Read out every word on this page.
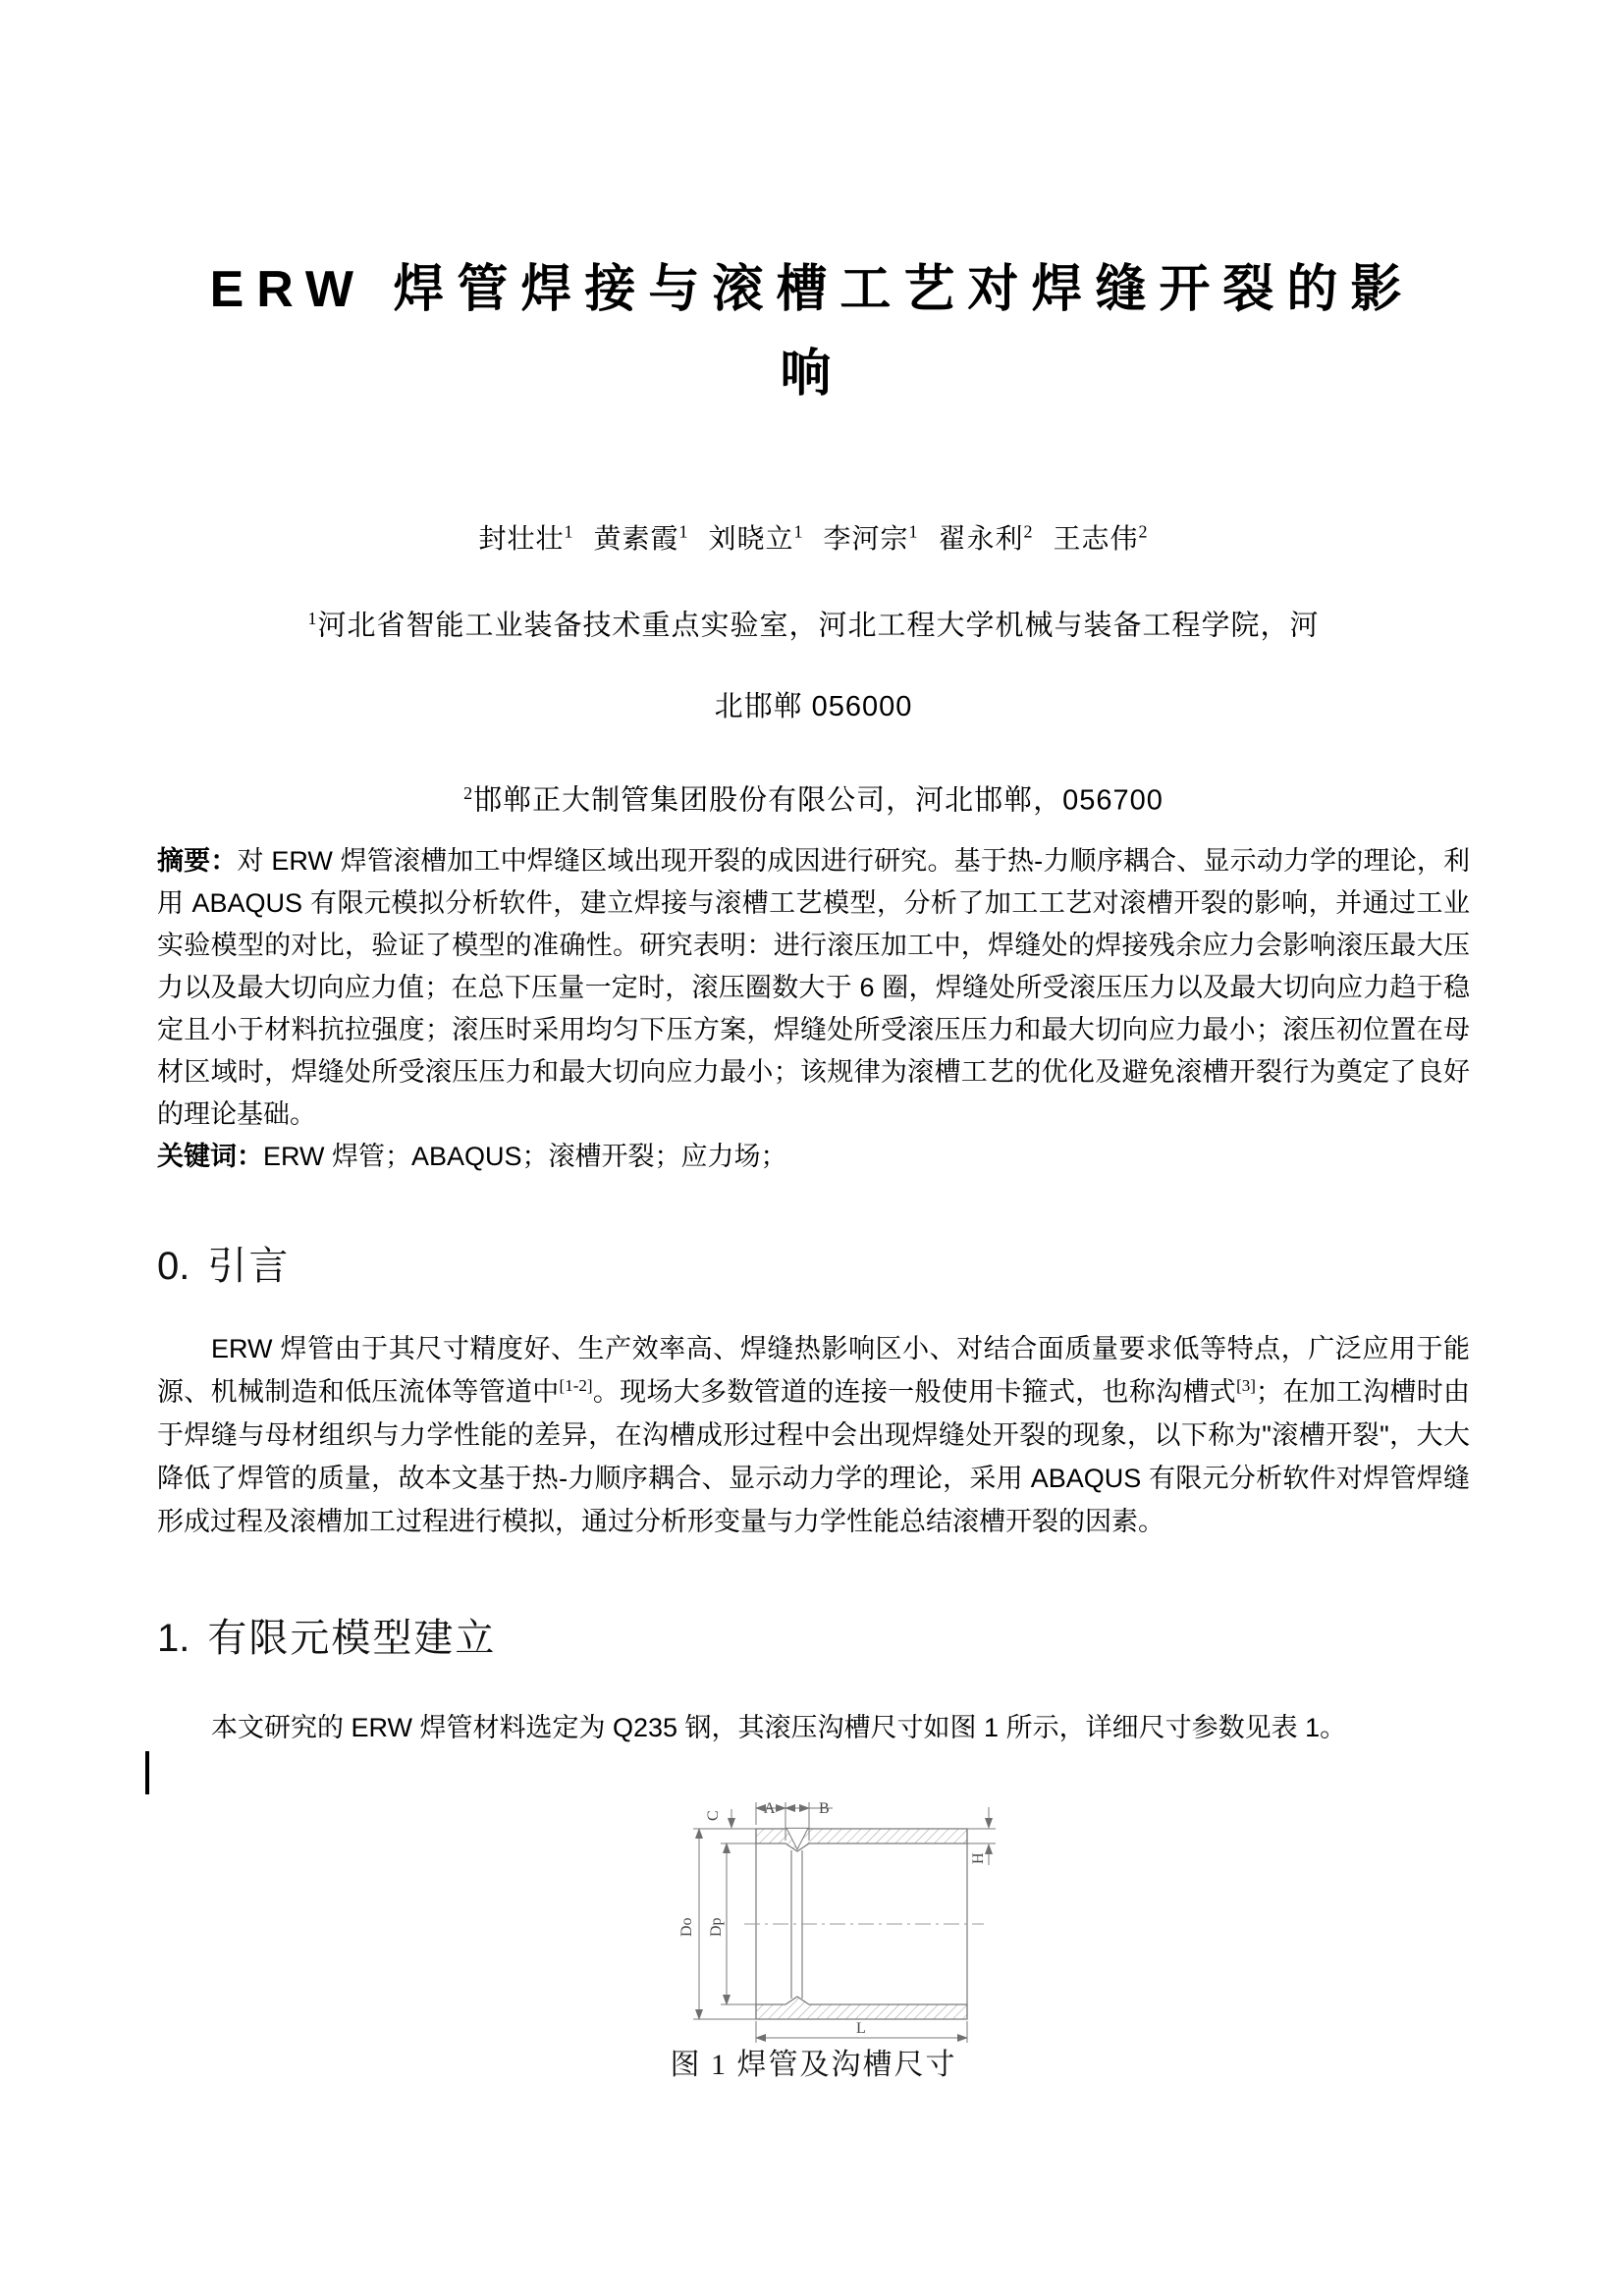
ERW 焊管焊接与滚槽工艺对焊缝开裂的影
响
封壮壮$^1$ 黄素霞$^1$ 刘晓立$^1$ 李河宗$^1$ 翟永利$^2$ 王志伟$^2$
$^1$河北省智能工业装备技术重点实验室，河北工程大学机械与装备工程学院，河
北邯郸 056000
$^2$邯郸正大制管集团股份有限公司，河北邯郸，056700

摘要：对 ERW 焊管滚槽加工中焊缝区域出现开裂的成因进行研究。基于热-力顺序耦合、显示动力学的理论，利用 ABAQUS 有限元模拟分析软件，建立焊接与滚槽工艺模型，分析了加工工艺对滚槽开裂的影响，并通过工业实验模型的对比，验证了模型的准确性。研究表明：进行滚压加工中，焊缝处的焊接残余应力会影响滚压最大压力以及最大切向应力值；在总下压量一定时，滚压圈数大于 6 圈，焊缝处所受滚压压力以及最大切向应力趋于稳定且小于材料抗拉强度；滚压时采用均匀下压方案，焊缝处所受滚压压力和最大切向应力最小；滚压初位置在母材区域时，焊缝处所受滚压压力和最大切向应力最小；该规律为滚槽工艺的优化及避免滚槽开裂行为奠定了良好的理论基础。

关键词：ERW 焊管；ABAQUS；滚槽开裂；应力场；

0. 引言
ERW 焊管由于其尺寸精度好、生产效率高、焊缝热影响区小、对结合面质量要求低等特点，广泛应用于能源、机械制造和低压流体等管道中[1-2]。现场大多数管道的连接一般使用卡箍式，也称沟槽式[3]；在加工沟槽时由于焊缝与母材组织与力学性能的差异，在沟槽成形过程中会出现焊缝处开裂的现象，以下称为"滚槽开裂"，大大降低了焊管的质量，故本文基于热-力顺序耦合、显示动力学的理论，采用 ABAQUS 有限元分析软件对焊管焊缝形成过程及滚槽加工过程进行模拟，通过分析形变量与力学性能总结滚槽开裂的因素。
1. 有限元模型建立
本文研究的 ERW 焊管材料选定为 Q235 钢，其滚压沟槽尺寸如图 1 所示，详细尺寸参数见表 1。
A	B
C
Do Dp
H
L
图 1 焊管及沟槽尺寸
